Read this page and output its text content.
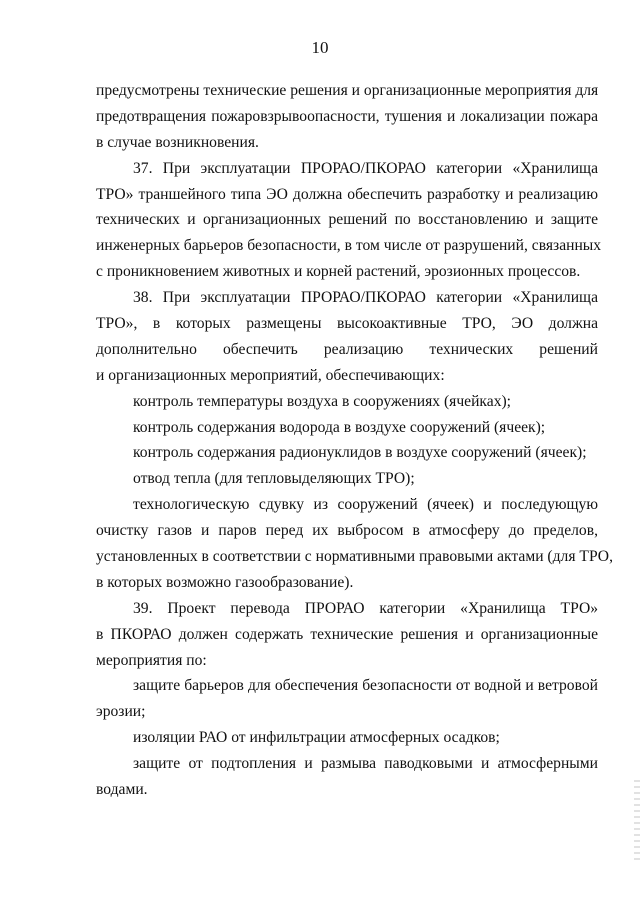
10
предусмотрены технические решения и организационные мероприятия для
предотвращения пожаровзрывоопасности, тушения и локализации пожара
в случае возникновения.
37. При эксплуатации ПРОРАО/ПКОРАО категории «Хранилища
ТРО» траншейного типа ЭО должна обеспечить разработку и реализацию
технических и организационных решений по восстановлению и защите
инженерных барьеров безопасности, в том числе от разрушений, связанных
с проникновением животных и корней растений, эрозионных процессов.
38. При эксплуатации ПРОРАО/ПКОРАО категории «Хранилища
ТРО», в которых размещены высокоактивные ТРО, ЭО должна
дополнительно обеспечить реализацию технических решений
и организационных мероприятий, обеспечивающих:
контроль температуры воздуха в сооружениях (ячейках);
контроль содержания водорода в воздухе сооружений (ячеек);
контроль содержания радионуклидов в воздухе сооружений (ячеек);
отвод тепла (для тепловыделяющих ТРО);
технологическую сдувку из сооружений (ячеек) и последующую
очистку газов и паров перед их выбросом в атмосферу до пределов,
установленных в соответствии с нормативными правовыми актами (для ТРО,
в которых возможно газообразование).
39. Проект перевода ПРОРАО категории «Хранилища ТРО»
в ПКОРАО должен содержать технические решения и организационные
мероприятия по:
защите барьеров для обеспечения безопасности от водной и ветровой
эрозии;
изоляции РАО от инфильтрации атмосферных осадков;
защите от подтопления и размыва паводковыми и атмосферными
водами.
